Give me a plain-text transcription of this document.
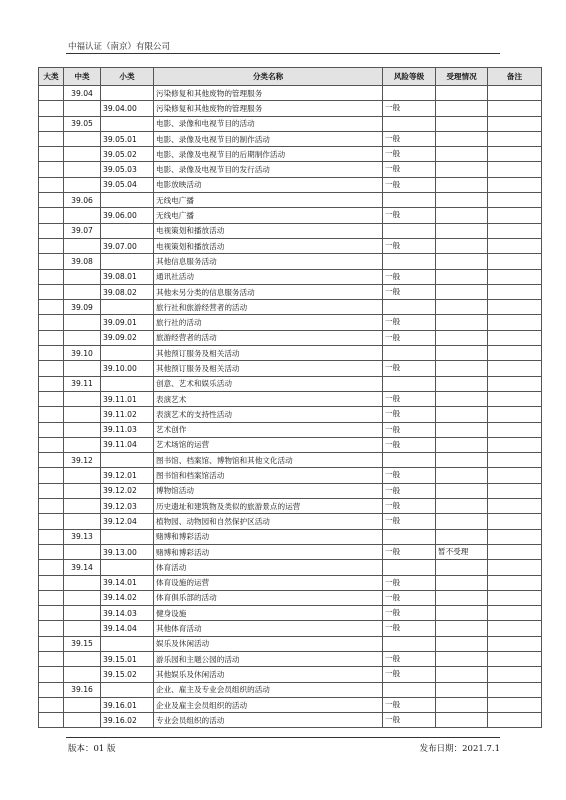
中福认证（南京）有限公司
大类	中类	小类	分类名称	风险等级	受理情况	备注
	39.04		污染修复和其他废物的管理服务			
		39.04.00	污染修复和其他废物的管理服务	一般		
	39.05		电影、录像和电视节目的活动			
		39.05.01	电影、录像及电视节目的制作活动	一般		
		39.05.02	电影、录像及电视节目的后期制作活动	一般		
		39.05.03	电影、录像及电视节目的发行活动	一般		
		39.05.04	电影放映活动	一般		
	39.06		无线电广播			
		39.06.00	无线电广播	一般		
	39.07		电视策划和播放活动			
		39.07.00	电视策划和播放活动	一般		
	39.08		其他信息服务活动			
		39.08.01	通讯社活动	一般		
		39.08.02	其他未另分类的信息服务活动	一般		
	39.09		旅行社和旅游经营者的活动			
		39.09.01	旅行社的活动	一般		
		39.09.02	旅游经营者的活动	一般		
	39.10		其他预订服务及相关活动			
		39.10.00	其他预订服务及相关活动	一般		
	39.11		创意、艺术和娱乐活动			
		39.11.01	表演艺术	一般		
		39.11.02	表演艺术的支持性活动	一般		
		39.11.03	艺术创作	一般		
		39.11.04	艺术场馆的运营	一般		
	39.12		图书馆、档案馆、博物馆和其他文化活动			
		39.12.01	图书馆和档案馆活动	一般		
		39.12.02	博物馆活动	一般		
		39.12.03	历史遗址和建筑物及类似的旅游景点的运营	一般		
		39.12.04	植物园、动物园和自然保护区活动	一般		
	39.13		赌博和博彩活动			
		39.13.00	赌博和博彩活动	一般	暂不受理	
	39.14		体育活动			
		39.14.01	体育设施的运营	一般		
		39.14.02	体育俱乐部的活动	一般		
		39.14.03	健身设施	一般		
		39.14.04	其他体育活动	一般		
	39.15		娱乐及休闲活动			
		39.15.01	游乐园和主题公园的活动	一般		
		39.15.02	其他娱乐及休闲活动	一般		
	39.16		企业、雇主及专业会员组织的活动			
		39.16.01	企业及雇主会员组织的活动	一般		
		39.16.02	专业会员组织的活动	一般		
版本：01 版	发布日期：2021.7.1
